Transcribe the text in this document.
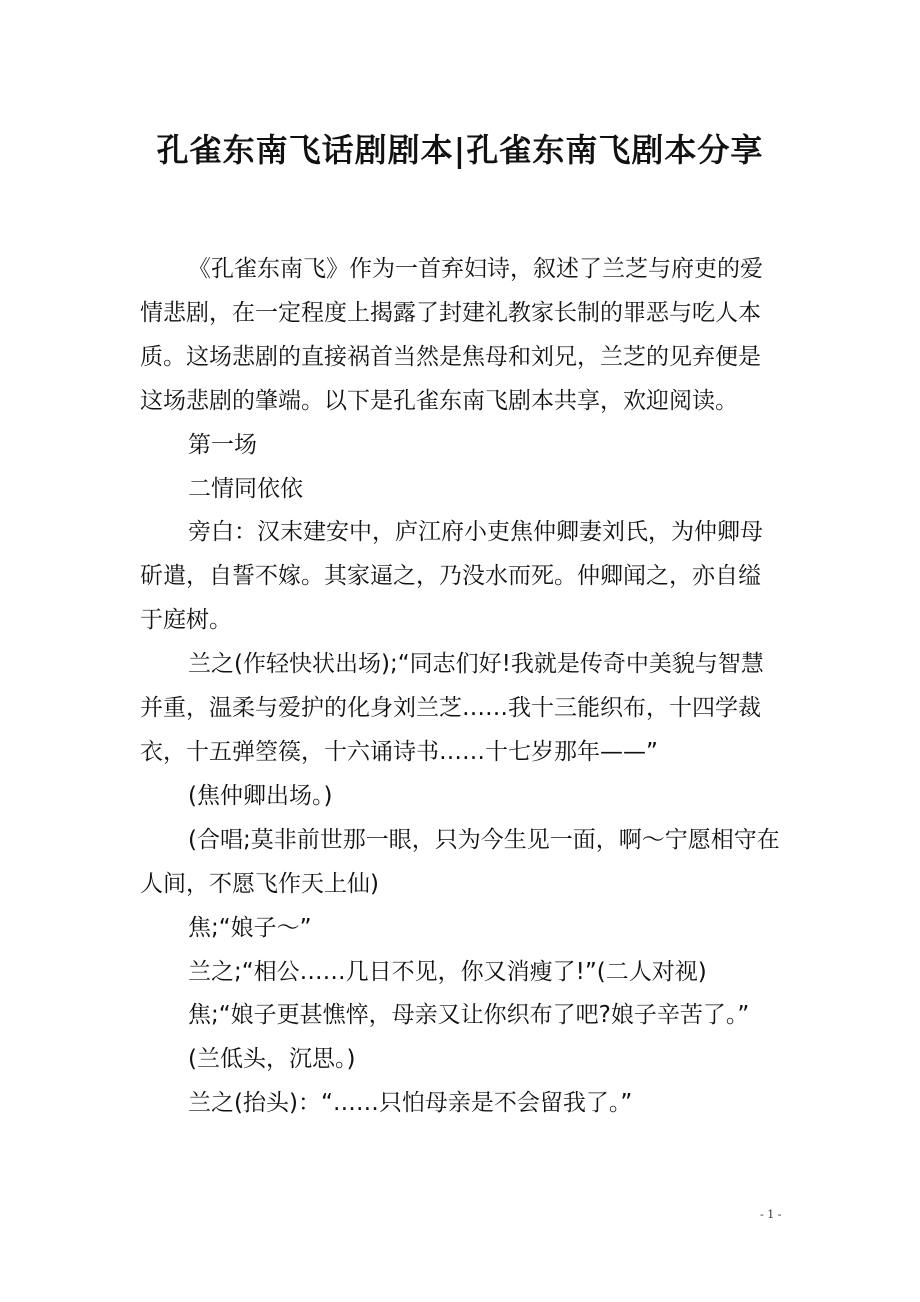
孔雀东南飞话剧剧本|孔雀东南飞剧本分享

《孔雀东南飞》作为一首弃妇诗，叙述了兰芝与府吏的爱情悲剧，在一定程度上揭露了封建礼教家长制的罪恶与吃人本质。这场悲剧的直接祸首当然是焦母和刘兄，兰芝的见弃便是这场悲剧的肇端。以下是孔雀东南飞剧本共享，欢迎阅读。

第一场

二情同依依

旁白：汉末建安中，庐江府小吏焦仲卿妻刘氏，为仲卿母斫遣，自誓不嫁。其家逼之，乃没水而死。仲卿闻之，亦自缢于庭树。

兰之(作轻快状出场);“同志们好!我就是传奇中美貌与智慧并重，温柔与爱护的化身刘兰芝……我十三能织布，十四学裁衣，十五弹箜篌，十六诵诗书……十七岁那年——”

(焦仲卿出场。)

(合唱;莫非前世那一眼，只为今生见一面，啊～宁愿相守在人间，不愿飞作天上仙)

焦;“娘子～”

兰之;“相公……几日不见，你又消瘦了!”(二人对视)

焦;“娘子更甚憔悴，母亲又让你织布了吧?娘子辛苦了。”

(兰低头，沉思。)

兰之(抬头)：“……只怕母亲是不会留我了。”

- 1 -
